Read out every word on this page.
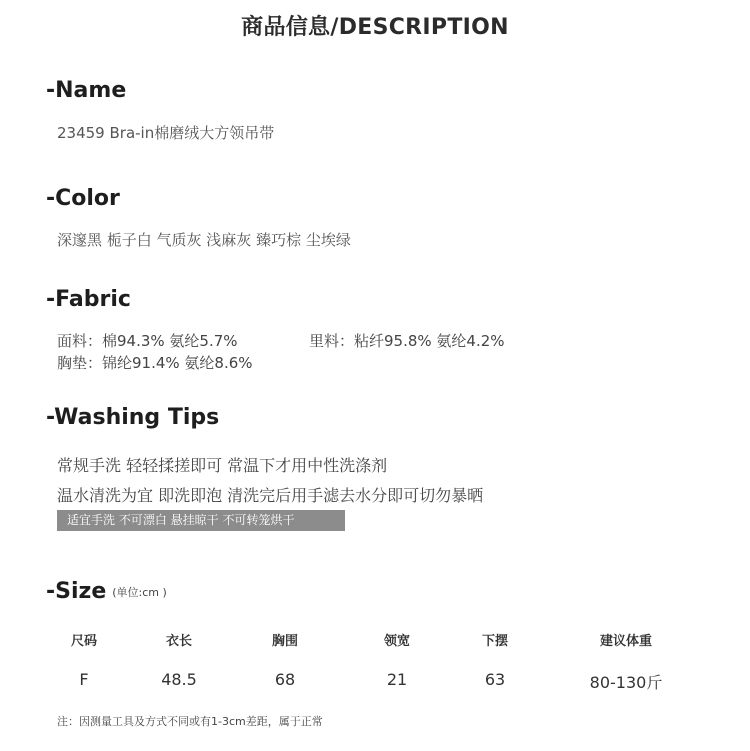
商品信息/DESCRIPTION
-Name
23459 Bra-in棉磨绒大方领吊带
-Color
深邃黑 栀子白 气质灰 浅麻灰 臻巧棕 尘埃绿
-Fabric
面料：棉94.3% 氨纶5.7%	里料：粘纤95.8% 氨纶4.2%
胸垫：锦纶91.4% 氨纶8.6%
-Washing Tips
常规手洗 轻轻揉搓即可 常温下才用中性洗涤剂
温水清洗为宜 即洗即泡 清洗完后用手滤去水分即可切勿暴晒
适宜手洗 不可漂白 悬挂晾干 不可转笼烘干
-Size (单位:cm )
尺码	衣长	胸围	领宽	下摆	建议体重
F	48.5	68	21	63	80-130斤
注：因测量工具及方式不同或有1-3cm差距，属于正常
